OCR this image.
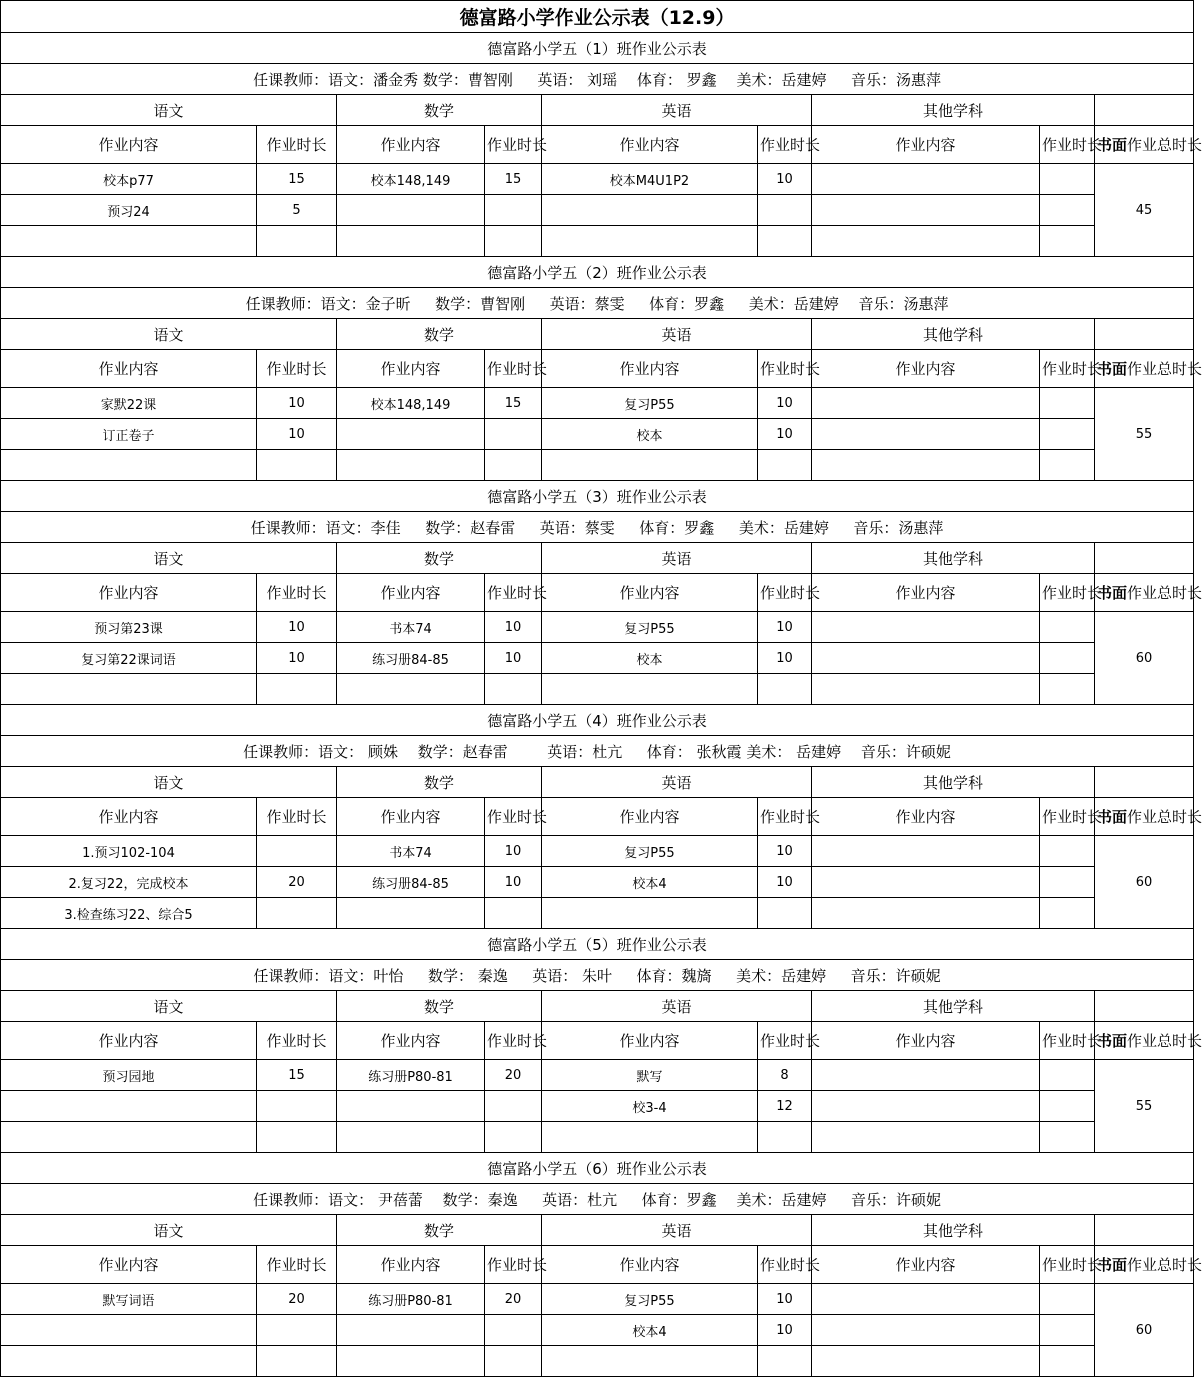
德富路小学作业公示表（12.9）								
德富路小学五（1）班作业公示表								
任课教师：语文：潘金秀 数学：曹智刚 　 英语： 刘瑶 　体育： 罗鑫 　美术：岳建婷 　 音乐：汤惠萍								
语文		数学		英语		其他学科		
作业内容	作业时长	作业内容	作业时长	作业内容	作业时长	作业内容	作业时长	书面作业总时长
校本p77	15	校本148,149	15	校本M4U1P2	10			45
预习24	5							

德富路小学五（2）班作业公示表								
任课教师：语文：金子昕 　 数学：曹智刚 　 英语：蔡雯 　 体育：罗鑫 　 美术：岳建婷 　音乐：汤惠萍								
语文		数学		英语		其他学科		
作业内容	作业时长	作业内容	作业时长	作业内容	作业时长	作业内容	作业时长	书面作业总时长
家默22课	10	校本148,149	15	复习P55	10			55
订正卷子	10			校本	10			

德富路小学五（3）班作业公示表								
任课教师：语文：李佳 　 数学：赵春雷 　 英语：蔡雯 　 体育：罗鑫 　 美术：岳建婷 　 音乐：汤惠萍								
语文		数学		英语		其他学科		
作业内容	作业时长	作业内容	作业时长	作业内容	作业时长	作业内容	作业时长	书面作业总时长
预习第23课	10	书本74	10	复习P55	10			60
复习第22课词语	10	练习册84-85	10	校本	10			

德富路小学五（4）班作业公示表								
任课教师：语文： 顾姝 　数学：赵春雷 　　 英语：杜亢 　 体育： 张秋霞 美术： 岳建婷 　音乐：许硕妮								
语文		数学		英语		其他学科		
作业内容	作业时长	作业内容	作业时长	作业内容	作业时长	作业内容	作业时长	书面作业总时长
1.预习102-104		书本74	10	复习P55	10			60
2.复习22，完成校本	20	练习册84-85	10	校本4	10			
3.检查练习22、综合5								
德富路小学五（5）班作业公示表								
任课教师：语文：叶怡 　 数学： 秦逸 　 英语： 朱叶 　 体育：魏旖 　 美术：岳建婷 　 音乐：许硕妮								
语文		数学		英语		其他学科		
作业内容	作业时长	作业内容	作业时长	作业内容	作业时长	作业内容	作业时长	书面作业总时长
预习园地	15	练习册P80-81	20	默写	8			55
				校3-4	12			

德富路小学五（6）班作业公示表								
任课教师：语文： 尹蓓蕾 　数学：秦逸 　 英语：杜亢 　 体育：罗鑫 　美术：岳建婷 　 音乐：许硕妮								
语文		数学		英语		其他学科		
作业内容	作业时长	作业内容	作业时长	作业内容	作业时长	作业内容	作业时长	书面作业总时长
默写词语	20	练习册P80-81	20	复习P55	10			60
				校本4	10			
